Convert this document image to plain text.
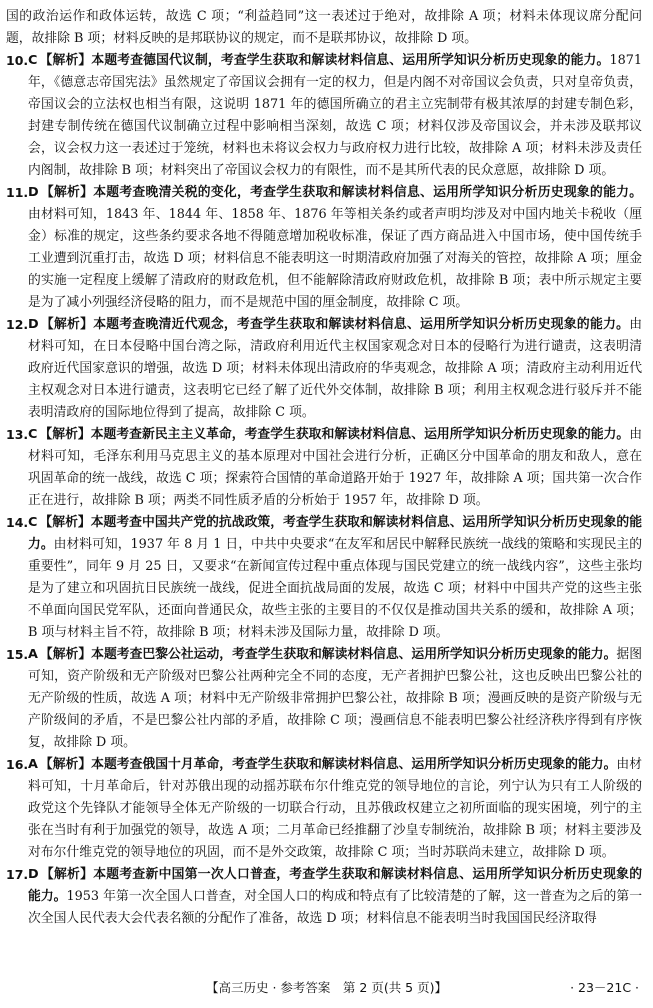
国的政治运作和政体运转，故选 C 项；“利益趋同”这一表述过于绝对，故排除 A 项；材料未体现议席分配问题，故排除 B 项；材料反映的是邦联协议的规定，而不是联邦协议，故排除 D 项。

10. C 【解析】本题考查德国代议制，考查学生获取和解读材料信息、运用所学知识分析历史现象的能力。1871 年，《德意志帝国宪法》虽然规定了帝国议会拥有一定的权力，但是内阁不对帝国议会负责，只对皇帝负责，帝国议会的立法权也相当有限，这说明 1871 年的德国所确立的君主立宪制带有极其浓厚的封建专制色彩，封建专制传统在德国代议制确立过程中影响相当深刻，故选 C 项；材料仅涉及帝国议会，并未涉及联邦议会，议会权力这一表述过于笼统，材料也未将议会权力与政府权力进行比较，故排除 A 项；材料未涉及责任内阁制，故排除 B 项；材料突出了帝国议会权力的有限性，而不是其所代表的民众意愿，故排除 D 项。

11. D 【解析】本题考查晚清关税的变化，考查学生获取和解读材料信息、运用所学知识分析历史现象的能力。由材料可知，1843 年、1844 年、1858 年、1876 年等相关条约或者声明均涉及对中国内地关卡税收（厘金）标准的规定，这些条约要求各地不得随意增加税收标准，保证了西方商品进入中国市场，使中国传统手工业遭到沉重打击，故选 D 项；材料信息不能表明这一时期清政府加强了对海关的管控，故排除 A 项；厘金的实施一定程度上缓解了清政府的财政危机，但不能解除清政府财政危机，故排除 B 项；表中所示规定主要是为了减小列强经济侵略的阻力，而不是规范中国的厘金制度，故排除 C 项。

12. D 【解析】本题考查晚清近代观念，考查学生获取和解读材料信息、运用所学知识分析历史现象的能力。由材料可知，在日本侵略中国台湾之际，清政府利用近代主权国家观念对日本的侵略行为进行谴责，这表明清政府近代国家意识的增强，故选 D 项；材料未体现出清政府的华夷观念，故排除 A 项；清政府主动利用近代主权观念对日本进行谴责，这表明它已经了解了近代外交体制，故排除 B 项；利用主权观念进行驳斥并不能表明清政府的国际地位得到了提高，故排除 C 项。

13. C 【解析】本题考查新民主主义革命，考查学生获取和解读材料信息、运用所学知识分析历史现象的能力。由材料可知，毛泽东利用马克思主义的基本原理对中国社会进行分析，正确区分中国革命的朋友和敌人，意在巩固革命的统一战线，故选 C 项；探索符合国情的革命道路开始于 1927 年，故排除 A 项；国共第一次合作正在进行，故排除 B 项；两类不同性质矛盾的分析始于 1957 年，故排除 D 项。

14. C 【解析】本题考查中国共产党的抗战政策，考查学生获取和解读材料信息、运用所学知识分析历史现象的能力。由材料可知，1937 年 8 月 1 日，中共中央要求“在友军和居民中解释民族统一战线的策略和实现民主的重要性”，同年 9 月 25 日，又要求“在新闻宣传过程中重点体现与国民党建立的统一战线内容”，这些主张均是为了建立和巩固抗日民族统一战线，促进全面抗战局面的发展，故选 C 项；材料中中国共产党的这些主张不单面向国民党军队，还面向普通民众，故些主张的主要目的不仅仅是推动国共关系的缓和，故排除 A 项；B 项与材料主旨不符，故排除 B 项；材料未涉及国际力量，故排除 D 项。

15. A 【解析】本题考查巴黎公社运动，考查学生获取和解读材料信息、运用所学知识分析历史现象的能力。据图可知，资产阶级和无产阶级对巴黎公社两种完全不同的态度，无产者拥护巴黎公社，这也反映出巴黎公社的无产阶级的性质，故选 A 项；材料中无产阶级非常拥护巴黎公社，故排除 B 项；漫画反映的是资产阶级与无产阶级间的矛盾，不是巴黎公社内部的矛盾，故排除 C 项；漫画信息不能表明巴黎公社经济秩序得到有序恢复，故排除 D 项。

16. A 【解析】本题考查俄国十月革命，考查学生获取和解读材料信息、运用所学知识分析历史现象的能力。由材料可知，十月革命后，针对苏俄出现的动摇苏联布尔什维克党的领导地位的言论，列宁认为只有工人阶级的政党这个先锋队才能领导全体无产阶级的一切联合行动，且苏俄政权建立之初所面临的现实困境，列宁的主张在当时有利于加强党的领导，故选 A 项；二月革命已经推翻了沙皇专制统治，故排除 B 项；材料主要涉及对布尔什维克党的领导地位的巩固，而不是外交政策，故排除 C 项；当时苏联尚未建立，故排除 D 项。

17. D 【解析】本题考查新中国第一次人口普查，考查学生获取和解读材料信息、运用所学知识分析历史现象的能力。1953 年第一次全国人口普查，对全国人口的构成和特点有了比较清楚的了解，这一普查为之后的第一次全国人民代表大会代表名额的分配作了准备，故选 D 项；材料信息不能表明当时我国国民经济取得

【高三历史 · 参考答案　第 2 页(共 5 页)】	· 23－21C ·
